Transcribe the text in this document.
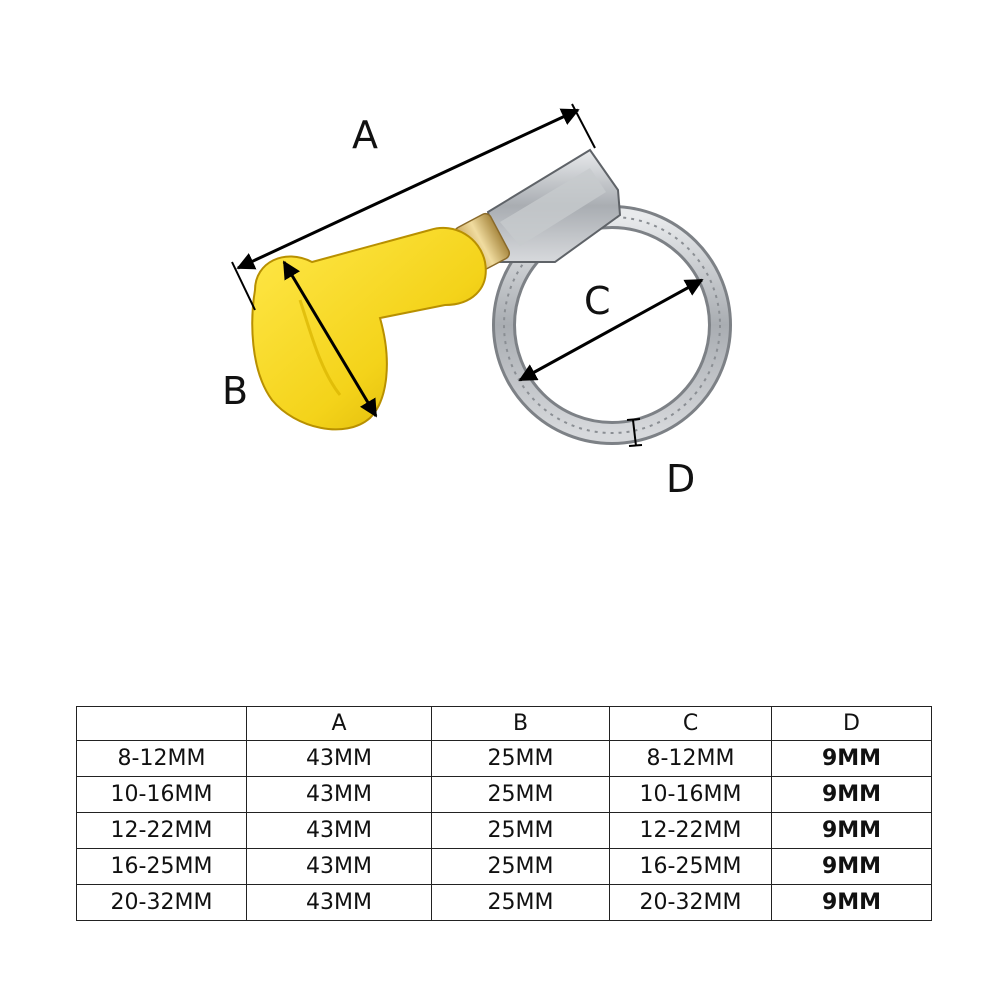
A
B
C
D
	A	B	C	D
8-12MM	43MM	25MM	8-12MM	9MM
10-16MM	43MM	25MM	10-16MM	9MM
12-22MM	43MM	25MM	12-22MM	9MM
16-25MM	43MM	25MM	16-25MM	9MM
20-32MM	43MM	25MM	20-32MM	9MM
